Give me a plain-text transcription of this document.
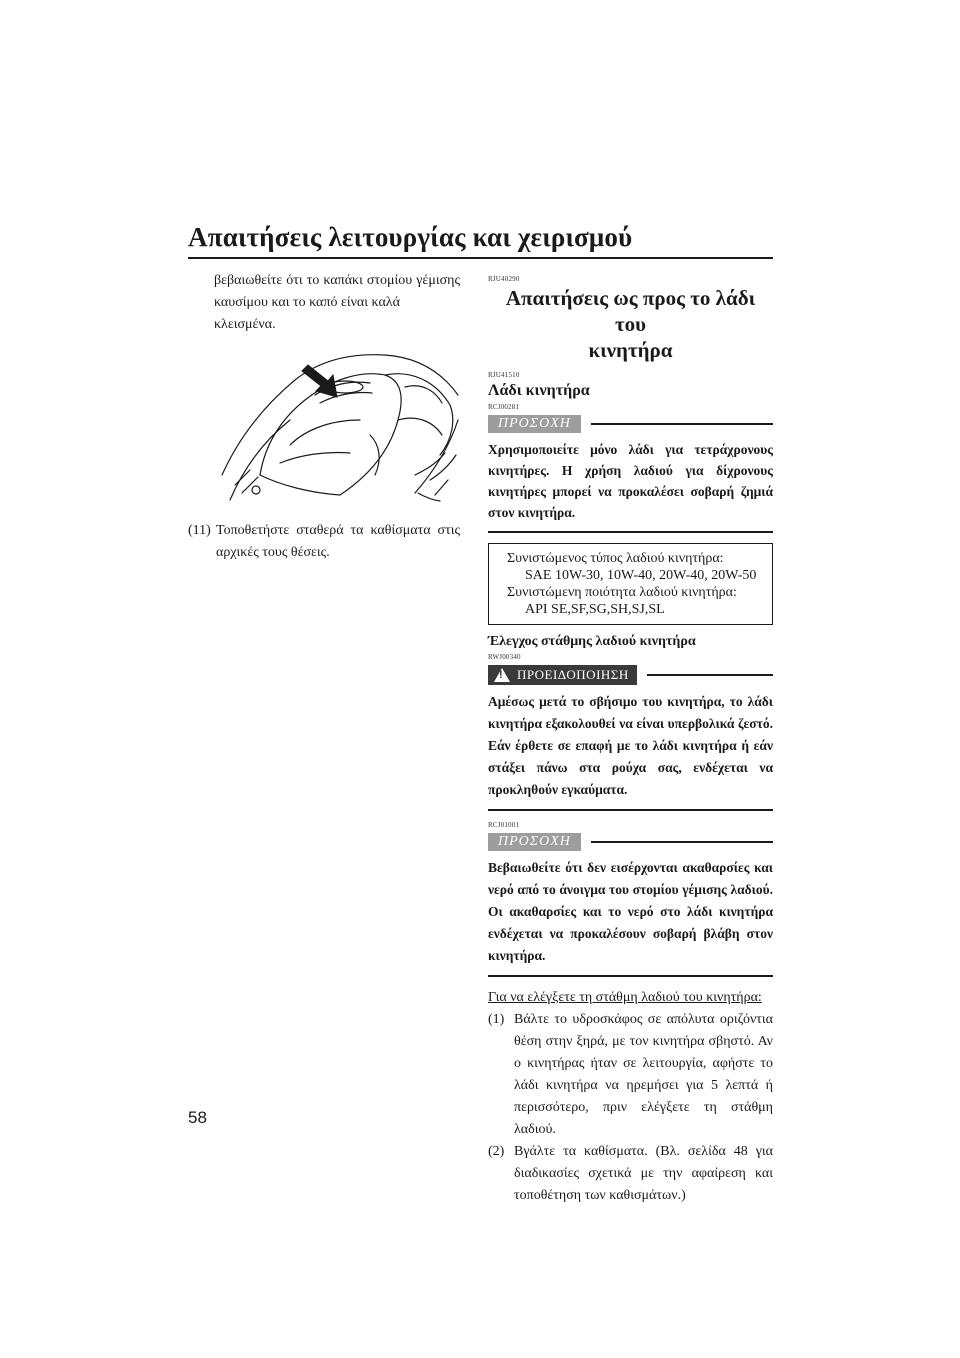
Απαιτήσεις λειτουργίας και χειρισμού
βεβαιωθείτε ότι το καπάκι στομίου γέμισης
καυσίμου και το καπό είναι καλά κλεισμένα.
(11) Τοποθετήστε σταθερά τα καθίσματα στις αρχικές τους θέσεις.
RJU40290
Απαιτήσεις ως προς το λάδι του
κινητήρα
RJU41510
Λάδι κινητήρα
RCJ00281
ΠΡΟΣΟΧΗ
Χρησιμοποιείτε μόνο λάδι για τετράχρονους κινητήρες. Η χρήση λαδιού για δίχρονους κινητήρες μπορεί να προκαλέσει σοβαρή ζημιά στον κινητήρα.
Συνιστώμενος τύπος λαδιού κινητήρα:
SAE 10W-30, 10W-40, 20W-40, 20W-50
Συνιστώμενη ποιότητα λαδιού κινητήρα:
API SE,SF,SG,SH,SJ,SL
Έλεγχος στάθμης λαδιού κινητήρα
RWJ00340
!
ΠΡΟΕΙΔΟΠΟΙΗΣΗ
Αμέσως μετά το σβήσιμο του κινητήρα, το λάδι κινητήρα εξακολουθεί να είναι υπερβολικά ζεστό. Εάν έρθετε σε επαφή με το λάδι κινητήρα ή εάν στάξει πάνω στα ρούχα σας, ενδέχεται να προκληθούν εγκαύματα.
RCJ01001
ΠΡΟΣΟΧΗ
Βεβαιωθείτε ότι δεν εισέρχονται ακαθαρσίες και νερό από το άνοιγμα του στομίου γέμισης λαδιού. Οι ακαθαρσίες και το νερό στο λάδι κινητήρα ενδέχεται να προκαλέσουν σοβαρή βλάβη στον κινητήρα.
Για να ελέγξετε τη στάθμη λαδιού του κινητήρα:
(1) Βάλτε το υδροσκάφος σε απόλυτα οριζόντια θέση στην ξηρά, με τον κινητήρα σβηστό. Αν ο κινητήρας ήταν σε λειτουργία, αφήστε το λάδι κινητήρα να ηρεμήσει για 5 λεπτά ή περισσότερο, πριν ελέγξετε τη στάθμη λαδιού.
(2) Βγάλτε τα καθίσματα. (Βλ. σελίδα 48 για διαδικασίες σχετικά με την αφαίρεση και τοποθέτηση των καθισμάτων.)
58
